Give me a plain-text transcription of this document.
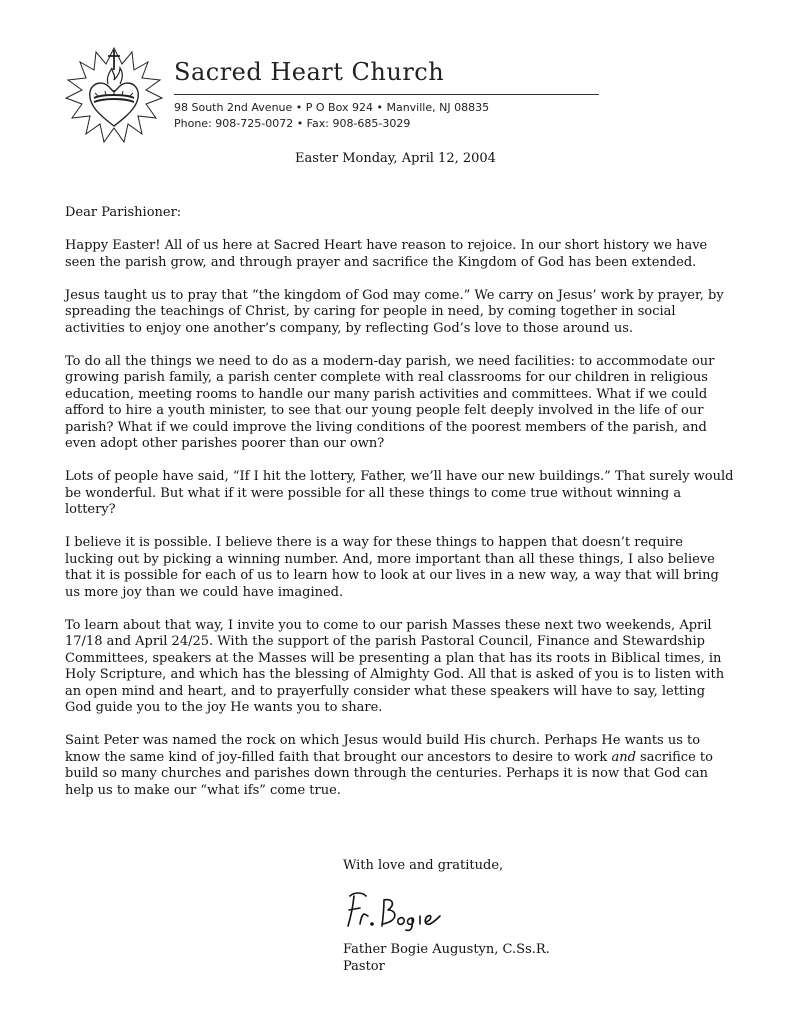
Sacred Heart Church
98 South 2nd Avenue • P O Box 924 • Manville, NJ 08835
Phone: 908-725-0072 • Fax: 908-685-3029
Easter Monday, April 12, 2004

Dear Parishioner:

Happy Easter! All of us here at Sacred Heart have reason to rejoice. In our short history we have seen the parish grow, and through prayer and sacrifice the Kingdom of God has been extended.

Jesus taught us to pray that “the kingdom of God may come.” We carry on Jesus’ work by prayer, by spreading the teachings of Christ, by caring for people in need, by coming together in social activities to enjoy one another’s company, by reflecting God’s love to those around us.

To do all the things we need to do as a modern-day parish, we need facilities: to accommodate our growing parish family, a parish center complete with real classrooms for our children in religious education, meeting rooms to handle our many parish activities and committees. What if we could afford to hire a youth minister, to see that our young people felt deeply involved in the life of our parish? What if we could improve the living conditions of the poorest members of the parish, and even adopt other parishes poorer than our own?

Lots of people have said, “If I hit the lottery, Father, we’ll have our new buildings.” That surely would be wonderful. But what if it were possible for all these things to come true without winning a lottery?

I believe it is possible. I believe there is a way for these things to happen that doesn’t require lucking out by picking a winning number. And, more important than all these things, I also believe that it is possible for each of us to learn how to look at our lives in a new way, a way that will bring us more joy than we could have imagined.

To learn about that way, I invite you to come to our parish Masses these next two weekends, April 17/18 and April 24/25. With the support of the parish Pastoral Council, Finance and Stewardship Committees, speakers at the Masses will be presenting a plan that has its roots in Biblical times, in Holy Scripture, and which has the blessing of Almighty God. All that is asked of you is to listen with an open mind and heart, and to prayerfully consider what these speakers will have to say, letting God guide you to the joy He wants you to share.

Saint Peter was named the rock on which Jesus would build His church. Perhaps He wants us to know the same kind of joy-filled faith that brought our ancestors to desire to work and sacrifice to build so many churches and parishes down through the centuries. Perhaps it is now that God can help us to make our “what ifs” come true.

With love and gratitude,
Father Bogie Augustyn, C.Ss.R.
Pastor
